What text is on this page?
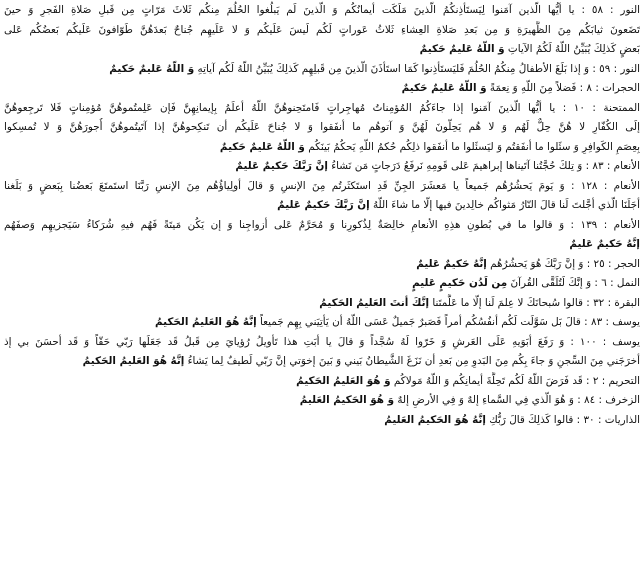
النور : ٥٨ : يا أيُّها الّذين آمَنوا لِيَستَأذِنكُمُ الّذينَ مَلَكَت أيمانُكُم وَ الّذينَ لَم يَبلُغوا الحُلُمَ مِنكُم ثَلاثَ مَرّاتٍ مِن قَبلِ صَلاةِ الفَجرِ وَ حينَ
تَضَعونَ ثيابَكُم مِنَ الظَّهيرَةِ وَ مِن بَعدِ صَلاةِ العِشاءِ ثَلاثُ عَوراتٍ لَكُم لَيسَ عَلَيكُم وَ لا عَلَيهِم جُناحٌ بَعدَهُنَّ طَوّافونَ عَلَيكُم بَعضُكُم عَلى
بَعضٍ كَذلِكَ يُبَيِّنُ اللّهُ لَكُمُ الآياتِ وَ اللّهُ عَليمٌ حَكيمٌ
النور : ٥٩ : وَ إذا بَلَغَ الأطفالُ مِنكُمُ الحُلُمَ فَليَستَأذِنوا كَمَا استَأذَنَ الّذينَ مِن قَبلِهِم كَذلِكَ يُبَيِّنُ اللّهُ لَكُم آياتِهِ وَ اللّهُ عَليمٌ حَكيمٌ
الحجرات : ٨ : فَضلاً مِنَ اللّهِ وَ نِعمَةً وَ اللّهُ عَليمٌ حَكيمٌ
الممتحنة : ١٠ : يا أيُّها الّذينَ آمَنوا إذا جاءَكُمُ المُؤمِناتُ مُهاجِراتٍ فَامتَحِنوهُنَّ اللّهُ أعلَمُ بِإيمانِهِنَّ فَإن عَلِمتُموهُنَّ مُؤمِناتٍ فَلا تَرجِعوهُنَّ
إلَى الكُفّارِ لا هُنَّ حِلٌّ لَهُم وَ لا هُم يَحِلّونَ لَهُنَّ وَ آتوهُم ما أنفَقوا وَ لا جُناحَ عَلَيكُم أن تَنكِحوهُنَّ إذا آتَيتُموهُنَّ أُجورَهُنَّ وَ لا تُمسِكوا
بِعِصَمِ الكَوافِرِ وَ سئَلوا ما أنفَقتُم وَ ليَسئَلوا ما أنفَقوا ذلِكُم حُكمُ اللّهِ يَحكُمُ بَينَكُم وَ اللّهُ عَليمٌ حَكيمٌ
الأنعام : ٨٣ : وَ تِلكَ حُجَّتُنا آتَيناها إبراهيمَ عَلى قَومِهِ نَرفَعُ دَرَجاتٍ مَن نَشاءُ إنَّ رَبَّكَ حَكيمٌ عَليمٌ
الأنعام : ١٢٨ : وَ يَومَ يَحشُرُهُم جَميعاً يا مَعشَرَ الجِنِّ قَدِ استَكثَرتُم مِنَ الإنسِ وَ قالَ أولِياؤُهُم مِنَ الإنسِ رَبَّنَا استَمتَعَ بَعضُنا بِبَعضٍ وَ بَلَغنا
أجَلَنَا الّذي أجَّلتَ لَنا قالَ النّارُ مَثواكُم خالِدينَ فيها إلّا ما شاءَ اللّهُ إنَّ رَبَّكَ حَكيمٌ عَليمٌ
الأنعام : ١٣٩ : وَ قالوا ما في بُطونِ هذِهِ الأنعامِ خالِصَةٌ لِذُكورِنا وَ مُحَرَّمٌ عَلى أزواجِنا وَ إن يَكُن مَيتَةً فَهُم فيهِ شُرَكاءُ سَيَجزيهِم وَصفَهُم
إنَّهُ حَكيمٌ عَليمٌ
الحجر : ٢٥ : وَ إنَّ رَبَّكَ هُوَ يَحشُرُهُم إنَّهُ حَكيمٌ عَليمٌ
النمل : ٦ : وَ إنَّكَ لَتُلَقَّى القُرآنَ مِن لَدُن حَكيمٍ عَليمٍ
البقرة : ٣٢ : قالوا سُبحانَكَ لا عِلمَ لَنا إلّا ما عَلَّمتَنا إنَّكَ أنتَ العَليمُ الحَكيمُ
يوسف : ٨٣ : قالَ بَل سَوَّلَت لَكُم أنفُسُكُم أمراً فَصَبرٌ جَميلٌ عَسَى اللّهُ أن يَأتِيَني بِهِم جَميعاً إنَّهُ هُوَ العَليمُ الحَكيمُ
يوسف : ١٠٠ : وَ رَفَعَ أبَوَيهِ عَلَى العَرشِ وَ خَرّوا لَهُ سُجَّداً وَ قالَ يا أبَتِ هذا تَأويلُ رُؤيايَ مِن قَبلُ قَد جَعَلَها رَبّي حَقّاً وَ قَد أحسَنَ بي إذ
أخرَجَني مِنَ السِّجنِ وَ جاءَ بِكُم مِنَ البَدوِ مِن بَعدِ أن نَزَغَ الشَّيطانُ بَيني وَ بَينَ إخوَتي إنَّ رَبّي لَطيفٌ لِما يَشاءُ إنَّهُ هُوَ العَليمُ الحَكيمُ
التحريم : ٢ : قَد فَرَضَ اللّهُ لَكُم تَحِلَّةَ أيمانِكُم وَ اللّهُ مَولاكُم وَ هُوَ العَليمُ الحَكيمُ
الزخرف : ٨٤ : وَ هُوَ الّذي فِي السَّماءِ إلهٌ وَ فِي الأرضِ إلهٌ وَ هُوَ الحَكيمُ العَليمُ
الذاريات : ٣٠ : قالوا كَذلِكَ قالَ رَبُّكِ إنَّهُ هُوَ الحَكيمُ العَليمُ
